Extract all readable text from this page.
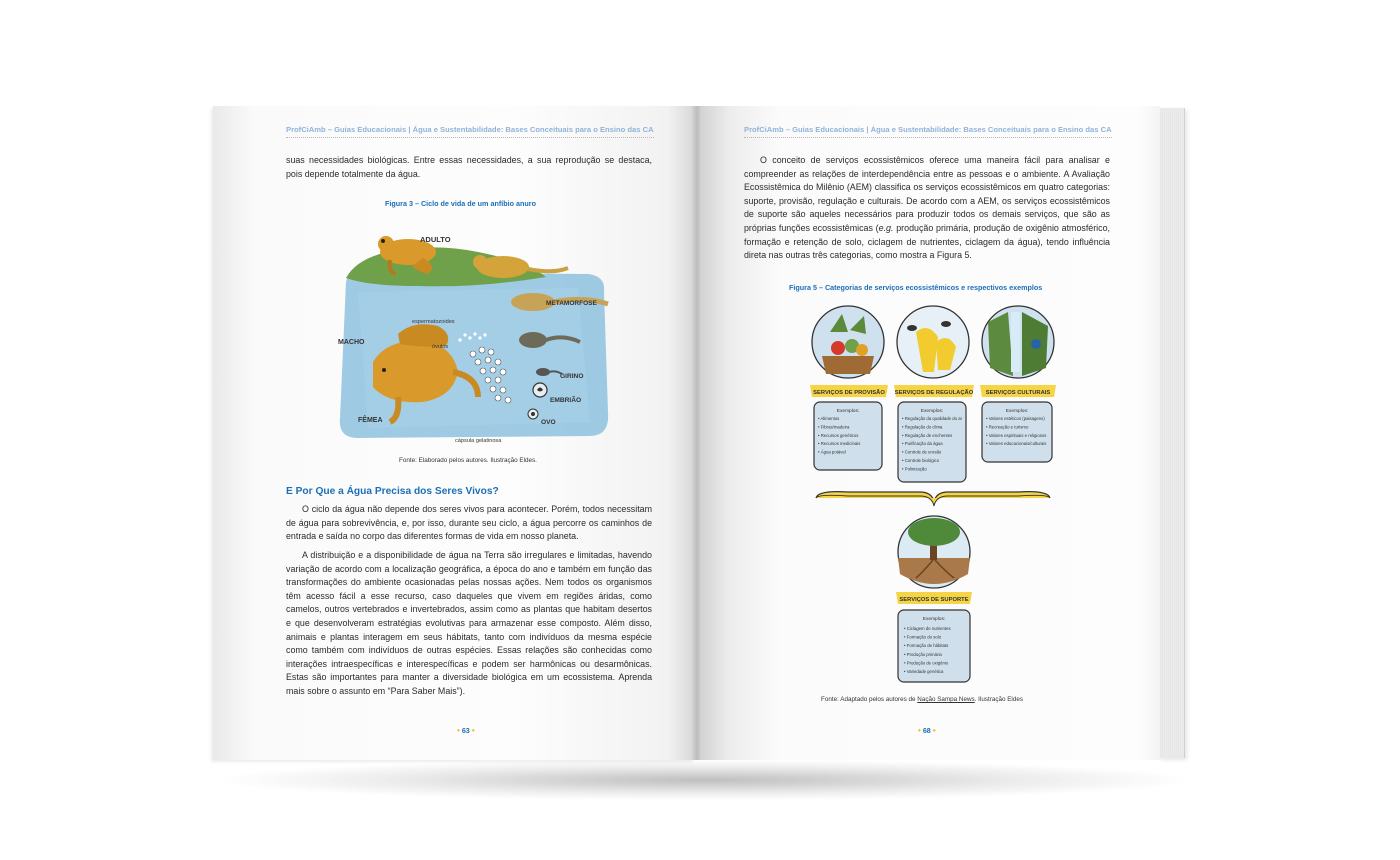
ProfCiAmb – Guias Educacionais | Água e Sustentabilidade: Bases Conceituais para o Ensino das CA
suas necessidades biológicas. Entre essas necessidades, a sua reprodução se destaca, pois depende totalmente da água.
Figura 3 – Ciclo de vida de um anfíbio anuro
ADULTO
METAMORFOSE
espermatozoides
MACHO
óvulos
GIRINO
EMBRIÃO
FÊMEA	OVO
cápsula gelatinosa
Fonte: Elaborado pelos autores. Ilustração Eldes.
E Por Que a Água Precisa dos Seres Vivos?
O ciclo da água não depende dos seres vivos para acontecer. Porém, todos necessitam de água para sobrevivência, e, por isso, durante seu ciclo, a água percorre os caminhos de entrada e saída no corpo das diferentes formas de vida em nosso planeta.
A distribuição e a disponibilidade de água na Terra são irregulares e limitadas, havendo variação de acordo com a localização geográfica, a época do ano e também em função das transformações do ambiente ocasionadas pelas nossas ações. Nem todos os organismos têm acesso fácil a esse recurso, caso daqueles que vivem em regiões áridas, como camelos, outros vertebrados e invertebrados, assim como as plantas que habitam desertos e que desenvolveram estratégias evolutivas para armazenar esse composto. Além disso, animais e plantas interagem em seus hábitats, tanto com indivíduos da mesma espécie como também com indivíduos de outras espécies. Essas relações são conhecidas como interações intraespecíficas e interespecíficas e podem ser harmônicas ou desarmônicas. Estas são importantes para manter a diversidade biológica em um ecossistema. Aprenda mais sobre o assunto em “Para Saber Mais”).
• 63 •
ProfCiAmb – Guias Educacionais | Água e Sustentabilidade: Bases Conceituais para o Ensino das CA
O conceito de serviços ecossistêmicos oferece uma maneira fácil para analisar e compreender as relações de interdependência entre as pessoas e o ambiente. A Avaliação Ecossistêmica do Milênio (AEM) classifica os serviços ecossistêmicos em quatro categorias: suporte, provisão, regulação e culturais. De acordo com a AEM, os serviços ecossistêmicos de suporte são aqueles necessários para produzir todos os demais serviços, que são as próprias funções ecossistêmicas (e.g. produção primária, produção de oxigênio atmosférico, formação e retenção de solo, ciclagem de nutrientes, ciclagem da água), tendo influência direta nas outras três categorias, como mostra a Figura 5.
Figura 5 – Categorias de serviços ecossistêmicos e respectivos exemplos
SERVIÇOS DE PROVISÃO SERVIÇOS DE REGULAÇÃO SERVIÇOS CULTURAIS
Exemplos:	Exemplos:	Exemplos:
• Alimentos
• Fibras/madeira
• Recursos genéticos
• Recursos medicinais
• Água potável
• Regulação da qualidade do ar
• Regulação do clima
• Regulação de enchentes
• Purificação da água
• Controle de erosão
• Controle biológico
• Polinização
• Valores estéticos (paisagens)
• Recreação e turismo
• Valores espirituais e religiosos
• Valores educacionais/culturais
SERVIÇOS DE SUPORTE
Exemplos:
• Ciclagem de nutrientes
• Formação do solo
• Formação de hábitats
• Produção primária
• Produção de oxigênio
• Variedade genética
Fonte: Adaptado pelos autores de Nação Sampa News. Ilustração Eldes
• 68 •
